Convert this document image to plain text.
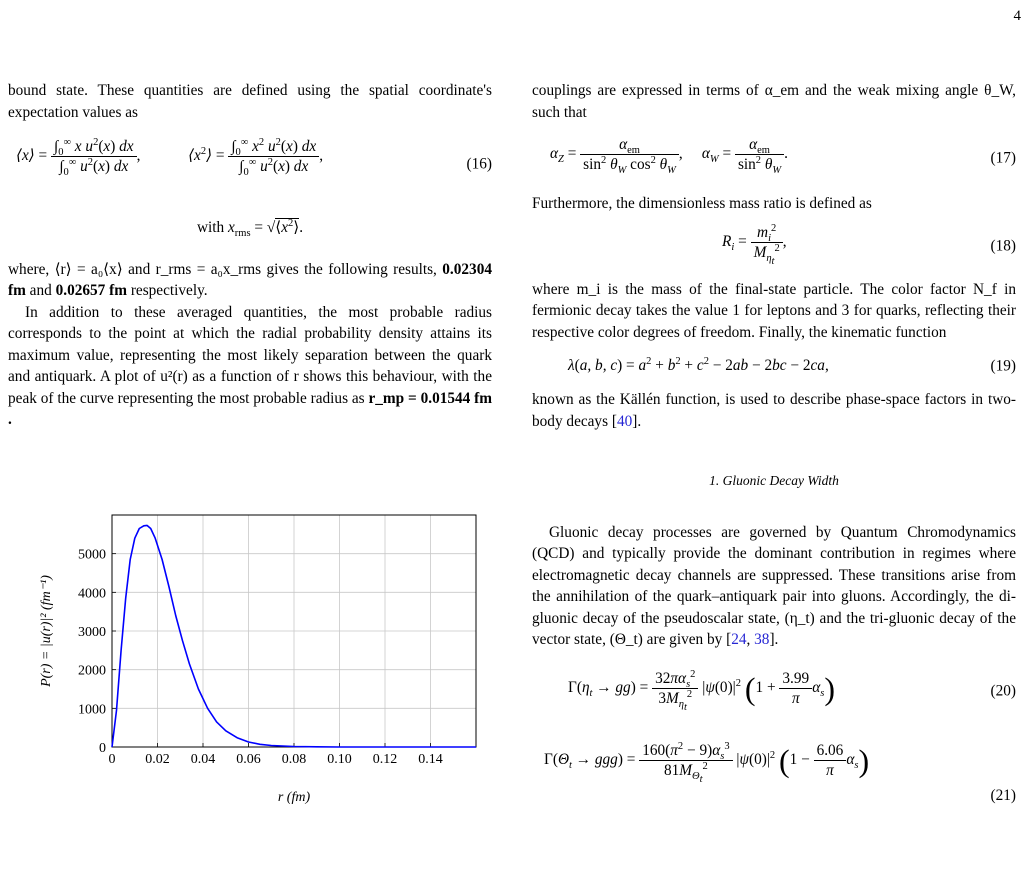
4

bound state. These quantities are defined using the spatial coordinate's expectation values as

⟨x⟩ = $\frac{\int_0^\infty x u^2(x) dx}{\int_0^\infty u^2(x) dx}$ ,	$⟨x^2⟩ = \frac{\int_0^\infty x^2 u^2(x) dx}{\int_0^\infty u^2(x) dx}$ ,	(16)
with $x_{rms}$ = $√⟨x^2⟩$.

where, ⟨r⟩ = a₀⟨x⟩ and r_rms = a₀x_rms gives the following results, 0.02304 fm and 0.02657 fm respectively.

In addition to these averaged quantities, the most probable radius corresponds to the point at which the radial probability density attains its maximum value, representing the most likely separation between the quark and antiquark. A plot of u²(r) as a function of r shows this behaviour, with the peak of the curve representing the most probable radius as r_mp = 0.01544 fm .

0 0.02 0.04 0.06 0.08 0.10 0.12 0.14
0
1000
2000
3000
4000
5000
r (fm)
P(r) = |u(r)|² (fm⁻¹)

couplings are expressed in terms of α_em and the weak mixing angle θ_W, such that

$\alpha_Z = \frac{\alpha_{em}}{\sin^2 \theta_W \cos^2 \theta_W}$ ,     $\alpha_W = \frac{\alpha_{em}}{\sin^2 \theta_W}$ .	(17)

Furthermore, the dimensionless mass ratio is defined as

$R_i = \frac{m_i^2}{M_{\eta_t}^2}$ ,	(18)

where m_i is the mass of the final-state particle. The color factor N_f in fermionic decay takes the value 1 for leptons and 3 for quarks, reflecting their respective color degrees of freedom. Finally, the kinematic function

λ(a, b, $c) = a^2 + b^2 + c^2 - 2ab - 2bc - 2ca$,	(19)

known as the Källén function, is used to describe phase-space factors in two-body decays [40].

1. Gluonic Decay Width

Gluonic decay processes are governed by Quantum Chromodynamics (QCD) and typically provide the dominant contribution in regimes where electromagnetic decay channels are suppressed. These transitions arise from the annihilation of the quark–antiquark pair into gluons. Accordingly, the di-gluonic decay of the pseudoscalar state, (η_t) and the tri-gluonic decay of the vector state, (Θ_t) are given by [24, 38].

$\Gamma(\eta_t \to gg) = \frac{32\pi\alpha_s^2}{3M_{\eta_t}^2} |\psi(0)|^2$ $(1 + \frac{3.99}{\pi} \alpha_s)$	(20)
$\Gamma(\Theta_t \to ggg) = \frac{160(\pi^2 - 9)\alpha_s^3}{81M_{\Theta_t}^2} |\psi(0)|^2$ $(1 - \frac{6.06}{\pi} \alpha_s)$
(21)
